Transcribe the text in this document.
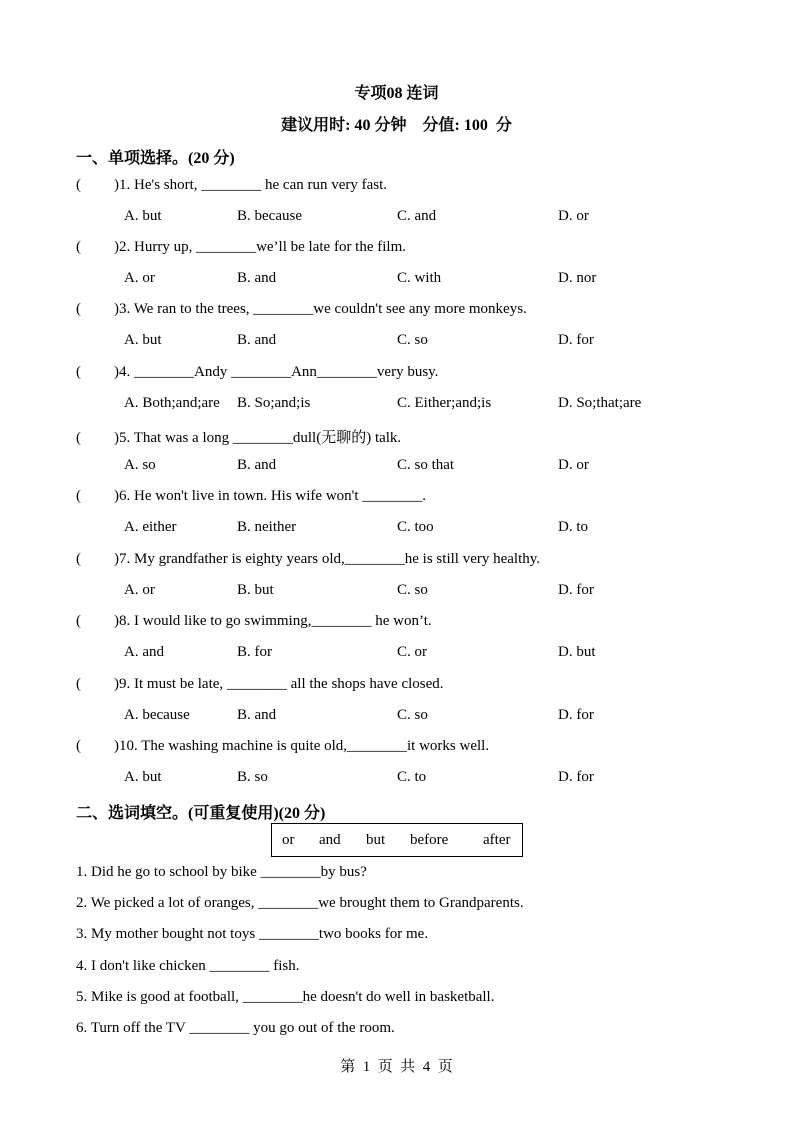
专项08 连词
建议用时: 40 分钟    分值: 100  分
一、单项选择。(20 分)
( )1. He's short, ________ he can run very fast.
A. but	B. because	C. and	D. or
( )2. Hurry up, ________we’ll be late for the film.
A. or	B. and	C. with	D. nor
( )3. We ran to the trees, ________we couldn't see any more monkeys.
A. but	B. and	C. so	D. for
( )4. ________Andy ________Ann________very busy.
A. Both;and;are B. So;and;is	C. Either;and;is	D. So;that;are
( )5. That was a long ________dull(无聊的) talk.
A. so	B. and	C. so that	D. or
( )6. He won't live in town. His wife won't ________.
A. either	B. neither	C. too	D. to
( )7. My grandfather is eighty years old,________he is still very healthy.
A. or	B. but	C. so	D. for
( )8. I would like to go swimming,________ he won’t.
A. and	B. for	C. or	D. but
( )9. It must be late, ________ all the shops have closed.
A. because	B. and	C. so	D. for
( )10. The washing machine is quite old,________it works well.
A. but	B. so	C. to	D. for
二、选词填空。(可重复使用)(20 分)
or and but before after
1. Did he go to school by bike ________by bus?
2. We picked a lot of oranges, ________we brought them to Grandparents.
3. My mother bought not toys ________two books for me.
4. I don't like chicken ________ fish.
5. Mike is good at football, ________he doesn't do well in basketball.
6. Turn off the TV ________ you go out of the room.
第  1  页  共  4  页
